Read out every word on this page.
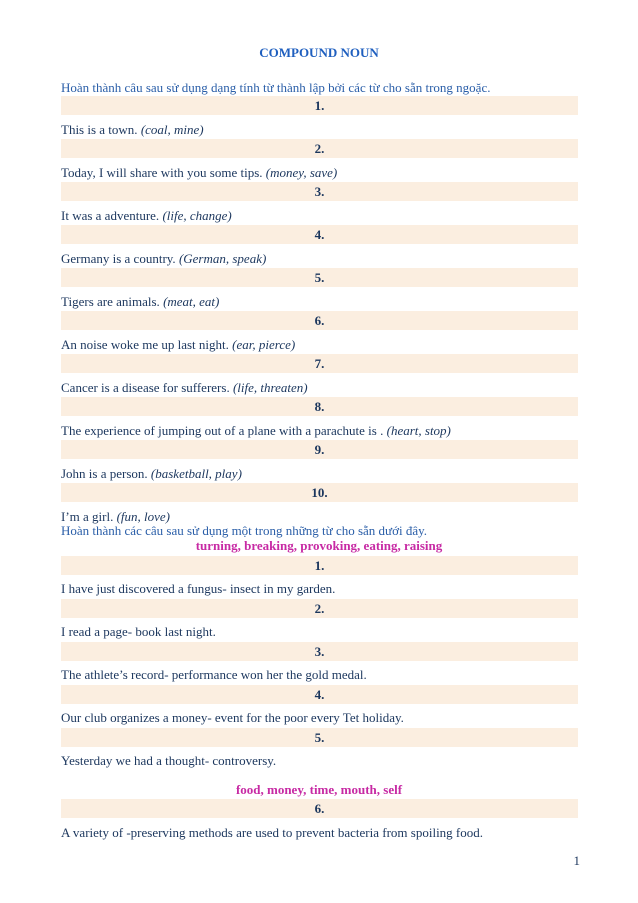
COMPOUND NOUN
Hoàn thành câu sau sử dụng dạng tính từ thành lập bởi các từ cho sẵn trong ngoặc.
1.
This is a town. (coal, mine)
2.
Today, I will share with you some tips. (money, save)
3.
It was a adventure. (life, change)
4.
Germany is a country. (German, speak)
5.
Tigers are animals. (meat, eat)
6.
An noise woke me up last night. (ear, pierce)
7.
Cancer is a disease for sufferers. (life, threaten)
8.
The experience of jumping out of a plane with a parachute is . (heart, stop)
9.
John is a person. (basketball, play)
10.
I’m a girl. (fun, love)
Hoàn thành các câu sau sử dụng một trong những từ cho sẵn dưới đây.
turning, breaking, provoking, eating, raising
1.
I have just discovered a fungus- insect in my garden.
2.
I read a page- book last night.
3.
The athlete’s record- performance won her the gold medal.
4.
Our club organizes a money- event for the poor every Tet holiday.
5.
Yesterday we had a thought- controversy.
food, money, time, mouth, self
6.
A variety of -preserving methods are used to prevent bacteria from spoiling food.
1
